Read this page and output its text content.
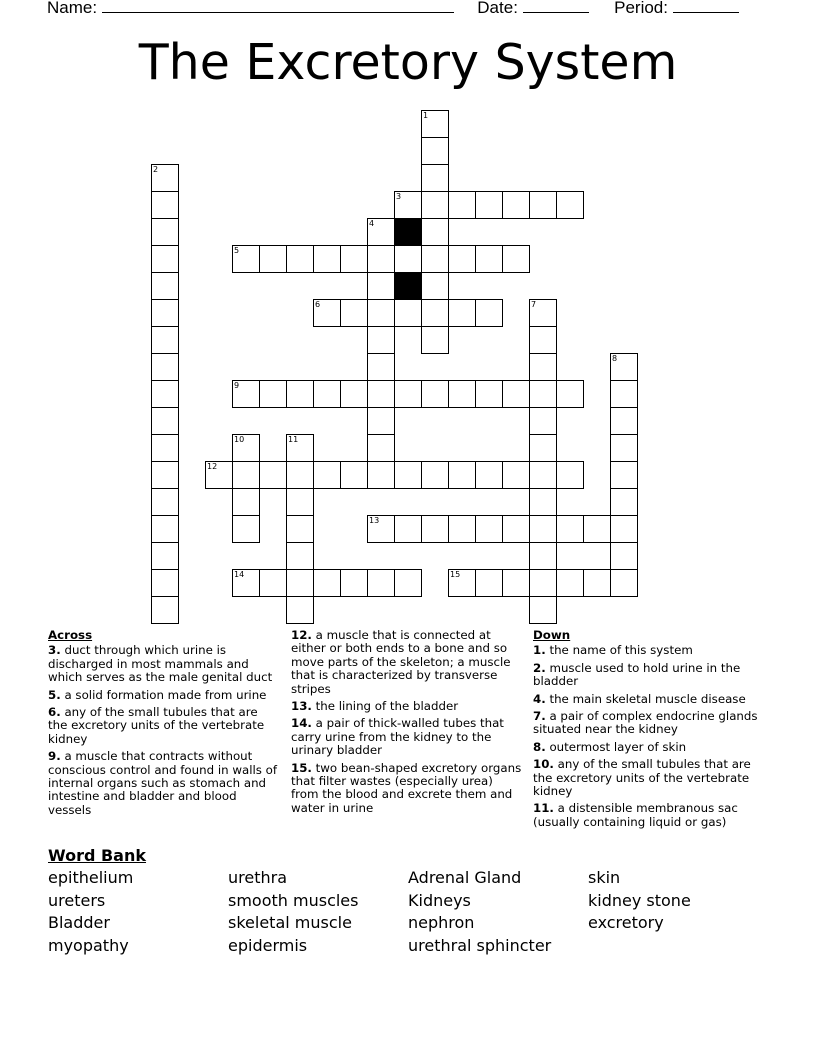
Name:	Date:	Period:
The Excretory System
1
2
3
4
5
6	7
8
9
10	11
12
13
14	15
Across
3. duct through which urine is discharged in most mammals and which serves as the male genital duct
5. a solid formation made from urine
6. any of the small tubules that are the excretory units of the vertebrate kidney
9. a muscle that contracts without conscious control and found in walls of internal organs such as stomach and intestine and bladder and blood vessels
12. a muscle that is connected at either or both ends to a bone and so move parts of the skeleton; a muscle that is characterized by transverse stripes
13. the lining of the bladder
14. a pair of thick-walled tubes that carry urine from the kidney to the urinary bladder
15. two bean-shaped excretory organs that filter wastes (especially urea) from the blood and excrete them and water in urine
Down
1. the name of this system
2. muscle used to hold urine in the bladder
4. the main skeletal muscle disease
7. a pair of complex endocrine glands situated near the kidney
8. outermost layer of skin
10. any of the small tubules that are the excretory units of the vertebrate kidney
11. a distensible membranous sac (usually containing liquid or gas)
Word Bank
epithelium	urethra	Adrenal Gland	skin
ureters	smooth muscles	Kidneys	kidney stone
Bladder	skeletal muscle	nephron	excretory
myopathy	epidermis	urethral sphincter
